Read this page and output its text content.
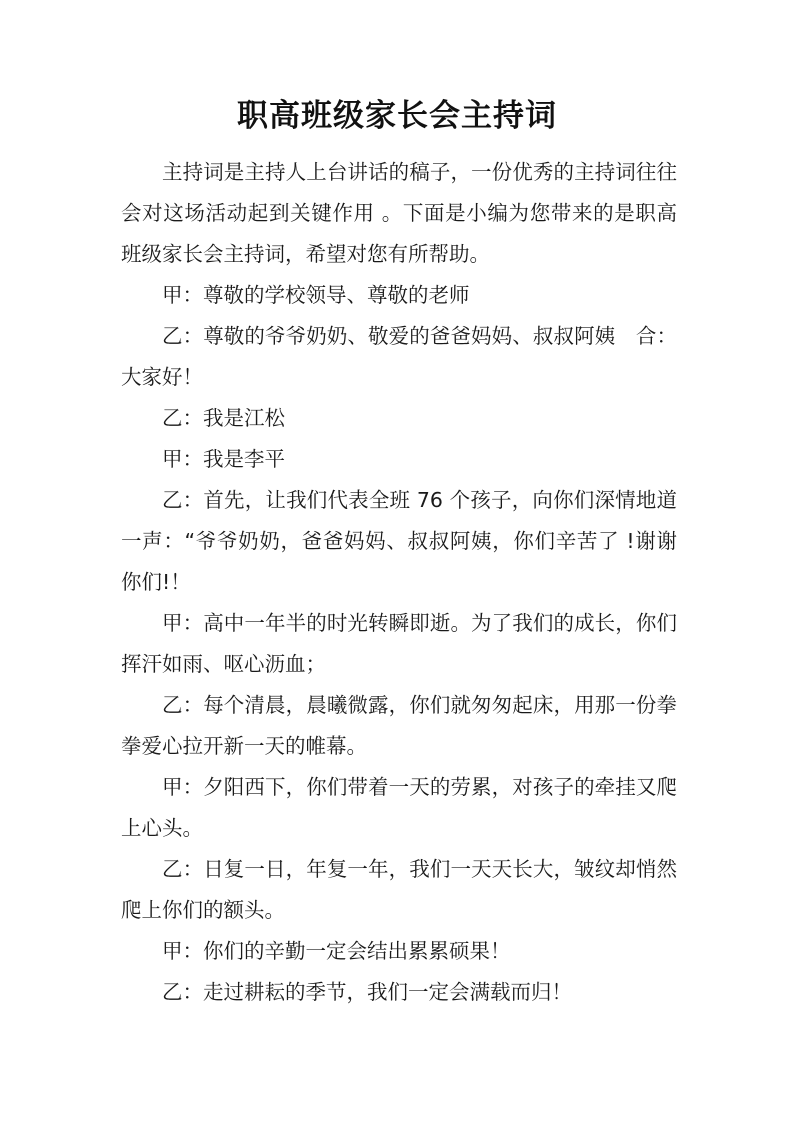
职高班级家长会主持词

主持词是主持人上台讲话的稿子，一份优秀的主持词往往会对这场活动起到关键作用 。下面是小编为您带来的是职高班级家长会主持词，希望对您有所帮助。

甲：尊敬的学校领导、尊敬的老师

乙：尊敬的爷爷奶奶、敬爱的爸爸妈妈、叔叔阿姨　合：大家好！

乙：我是江松

甲：我是李平

乙：首先，让我们代表全班 76 个孩子，向你们深情地道一声：“爷爷奶奶，爸爸妈妈、叔叔阿姨，你们辛苦了 !谢谢你们!！

甲：高中一年半的时光转瞬即逝。为了我们的成长，你们挥汗如雨、呕心沥血；

乙：每个清晨，晨曦微露，你们就匆匆起床，用那一份拳拳爱心拉开新一天的帷幕。

甲：夕阳西下，你们带着一天的劳累，对孩子的牵挂又爬上心头。

乙：日复一日，年复一年，我们一天天长大，皱纹却悄然爬上你们的额头。

甲：你们的辛勤一定会结出累累硕果！

乙：走过耕耘的季节，我们一定会满载而归！
